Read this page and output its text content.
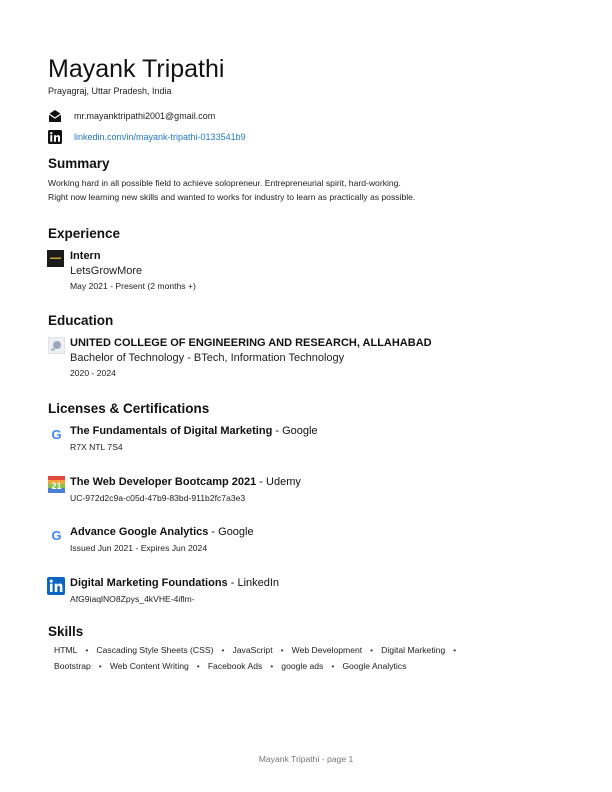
Mayank Tripathi
Prayagraj, Uttar Pradesh, India
mr.mayanktripathi2001@gmail.com
linkedin.com/in/mayank-tripathi-0133541b9
Summary
Working hard in all possible field to achieve solopreneur. Entrepreneurial spirit, hard-working.
Right now learning new skills and wanted to works for industry to learn as practically as possible.
Experience
Intern
LetsGrowMore
May 2021 - Present (2 months +)
Education
UNITED COLLEGE OF ENGINEERING AND RESEARCH, ALLAHABAD
Bachelor of Technology - BTech, Information Technology
2020 - 2024
Licenses & Certifications
G The Fundamentals of Digital Marketing - Google
R7X NTL 7S4
21 The Web Developer Bootcamp 2021 - Udemy
UC-972d2c9a-c05d-47b9-83bd-911b2fc7a3e3
G Advance Google Analytics - Google
Issued Jun 2021 - Expires Jun 2024
Digital Marketing Foundations - LinkedIn
AfG9iaqlNO8Zpys_4kVHE-4iflm-
Skills
HTML • Cascading Style Sheets (CSS) • JavaScript • Web Development • Digital Marketing •
Bootstrap • Web Content Writing • Facebook Ads • google ads • Google Analytics
Mayank Tripathi - page 1
